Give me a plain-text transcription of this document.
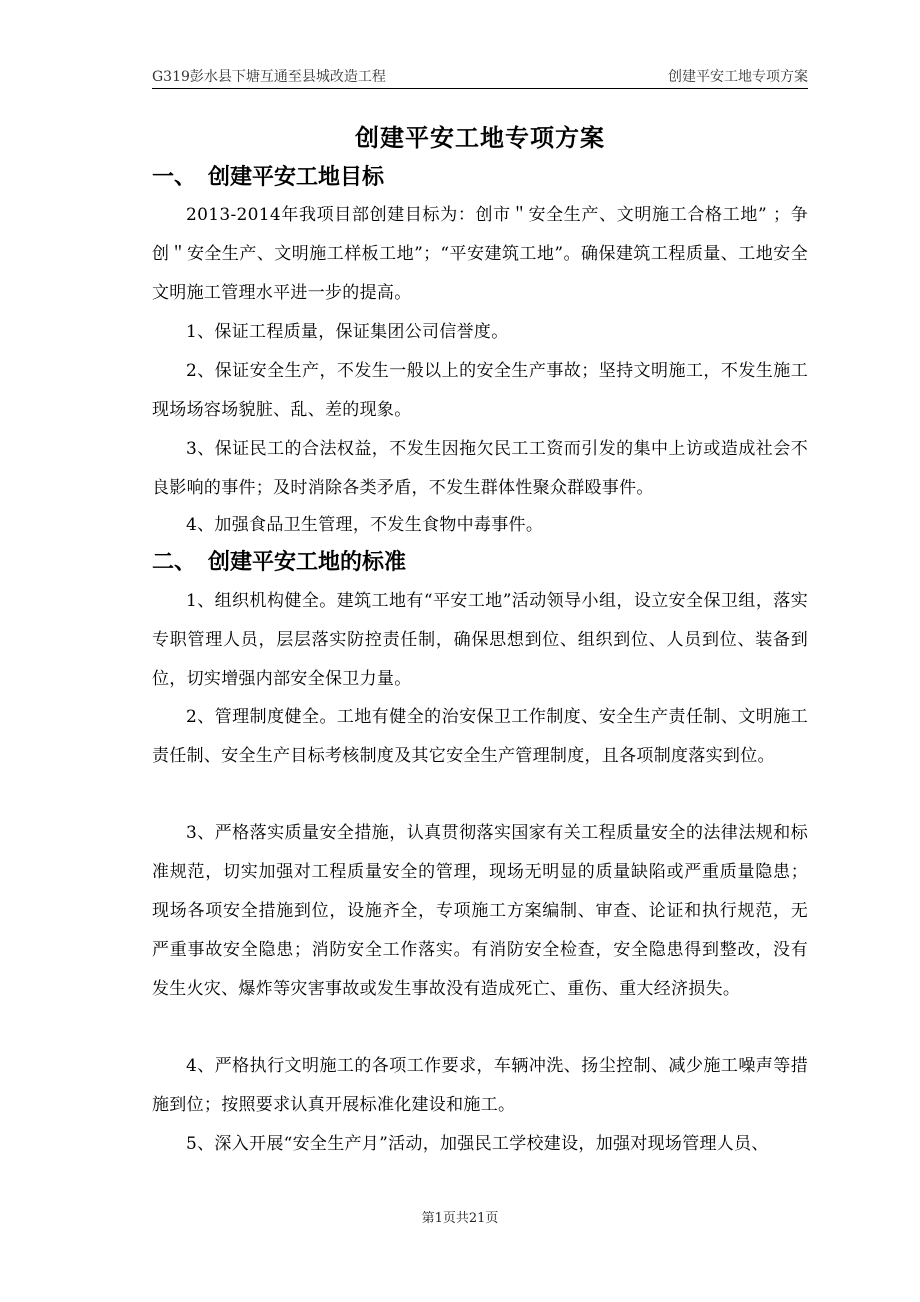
G319彭水县下塘互通至县城改造工程	创建平安工地专项方案
创建平安工地专项方案
一、 创建平安工地目标
2013-2014年我项目部创建目标为：创市＂安全生产、文明施工合格工地” ；争创＂安全生产、文明施工样板工地”；“平安建筑工地”。确保建筑工程质量、工地安全文明施工管理水平进一步的提高。
1、保证工程质量，保证集团公司信誉度。
2、保证安全生产，不发生一般以上的安全生产事故；坚持文明施工，不发生施工现场场容场貌脏、乱、差的现象。
3、保证民工的合法权益，不发生因拖欠民工工资而引发的集中上访或造成社会不良影响的事件；及时消除各类矛盾，不发生群体性聚众群殴事件。
4、加强食品卫生管理，不发生食物中毒事件。
二、 创建平安工地的标准
1、组织机构健全。建筑工地有“平安工地”活动领导小组，设立安全保卫组，落实专职管理人员，层层落实防控责任制，确保思想到位、组织到位、人员到位、装备到位，切实增强内部安全保卫力量。
2、管理制度健全。工地有健全的治安保卫工作制度、安全生产责任制、文明施工责任制、安全生产目标考核制度及其它安全生产管理制度，且各项制度落实到位。
3、严格落实质量安全措施，认真贯彻落实国家有关工程质量安全的法律法规和标准规范，切实加强对工程质量安全的管理，现场无明显的质量缺陷或严重质量隐患；现场各项安全措施到位，设施齐全，专项施工方案编制、审查、论证和执行规范，无严重事故安全隐患；消防安全工作落实。有消防安全检查，安全隐患得到整改，没有发生火灾、爆炸等灾害事故或发生事故没有造成死亡、重伤、重大经济损失。
4、严格执行文明施工的各项工作要求，车辆冲洗、扬尘控制、减少施工噪声等措施到位；按照要求认真开展标准化建设和施工。
5、深入开展“安全生产月”活动，加强民工学校建设，加强对现场管理人员、
第1页共21页
